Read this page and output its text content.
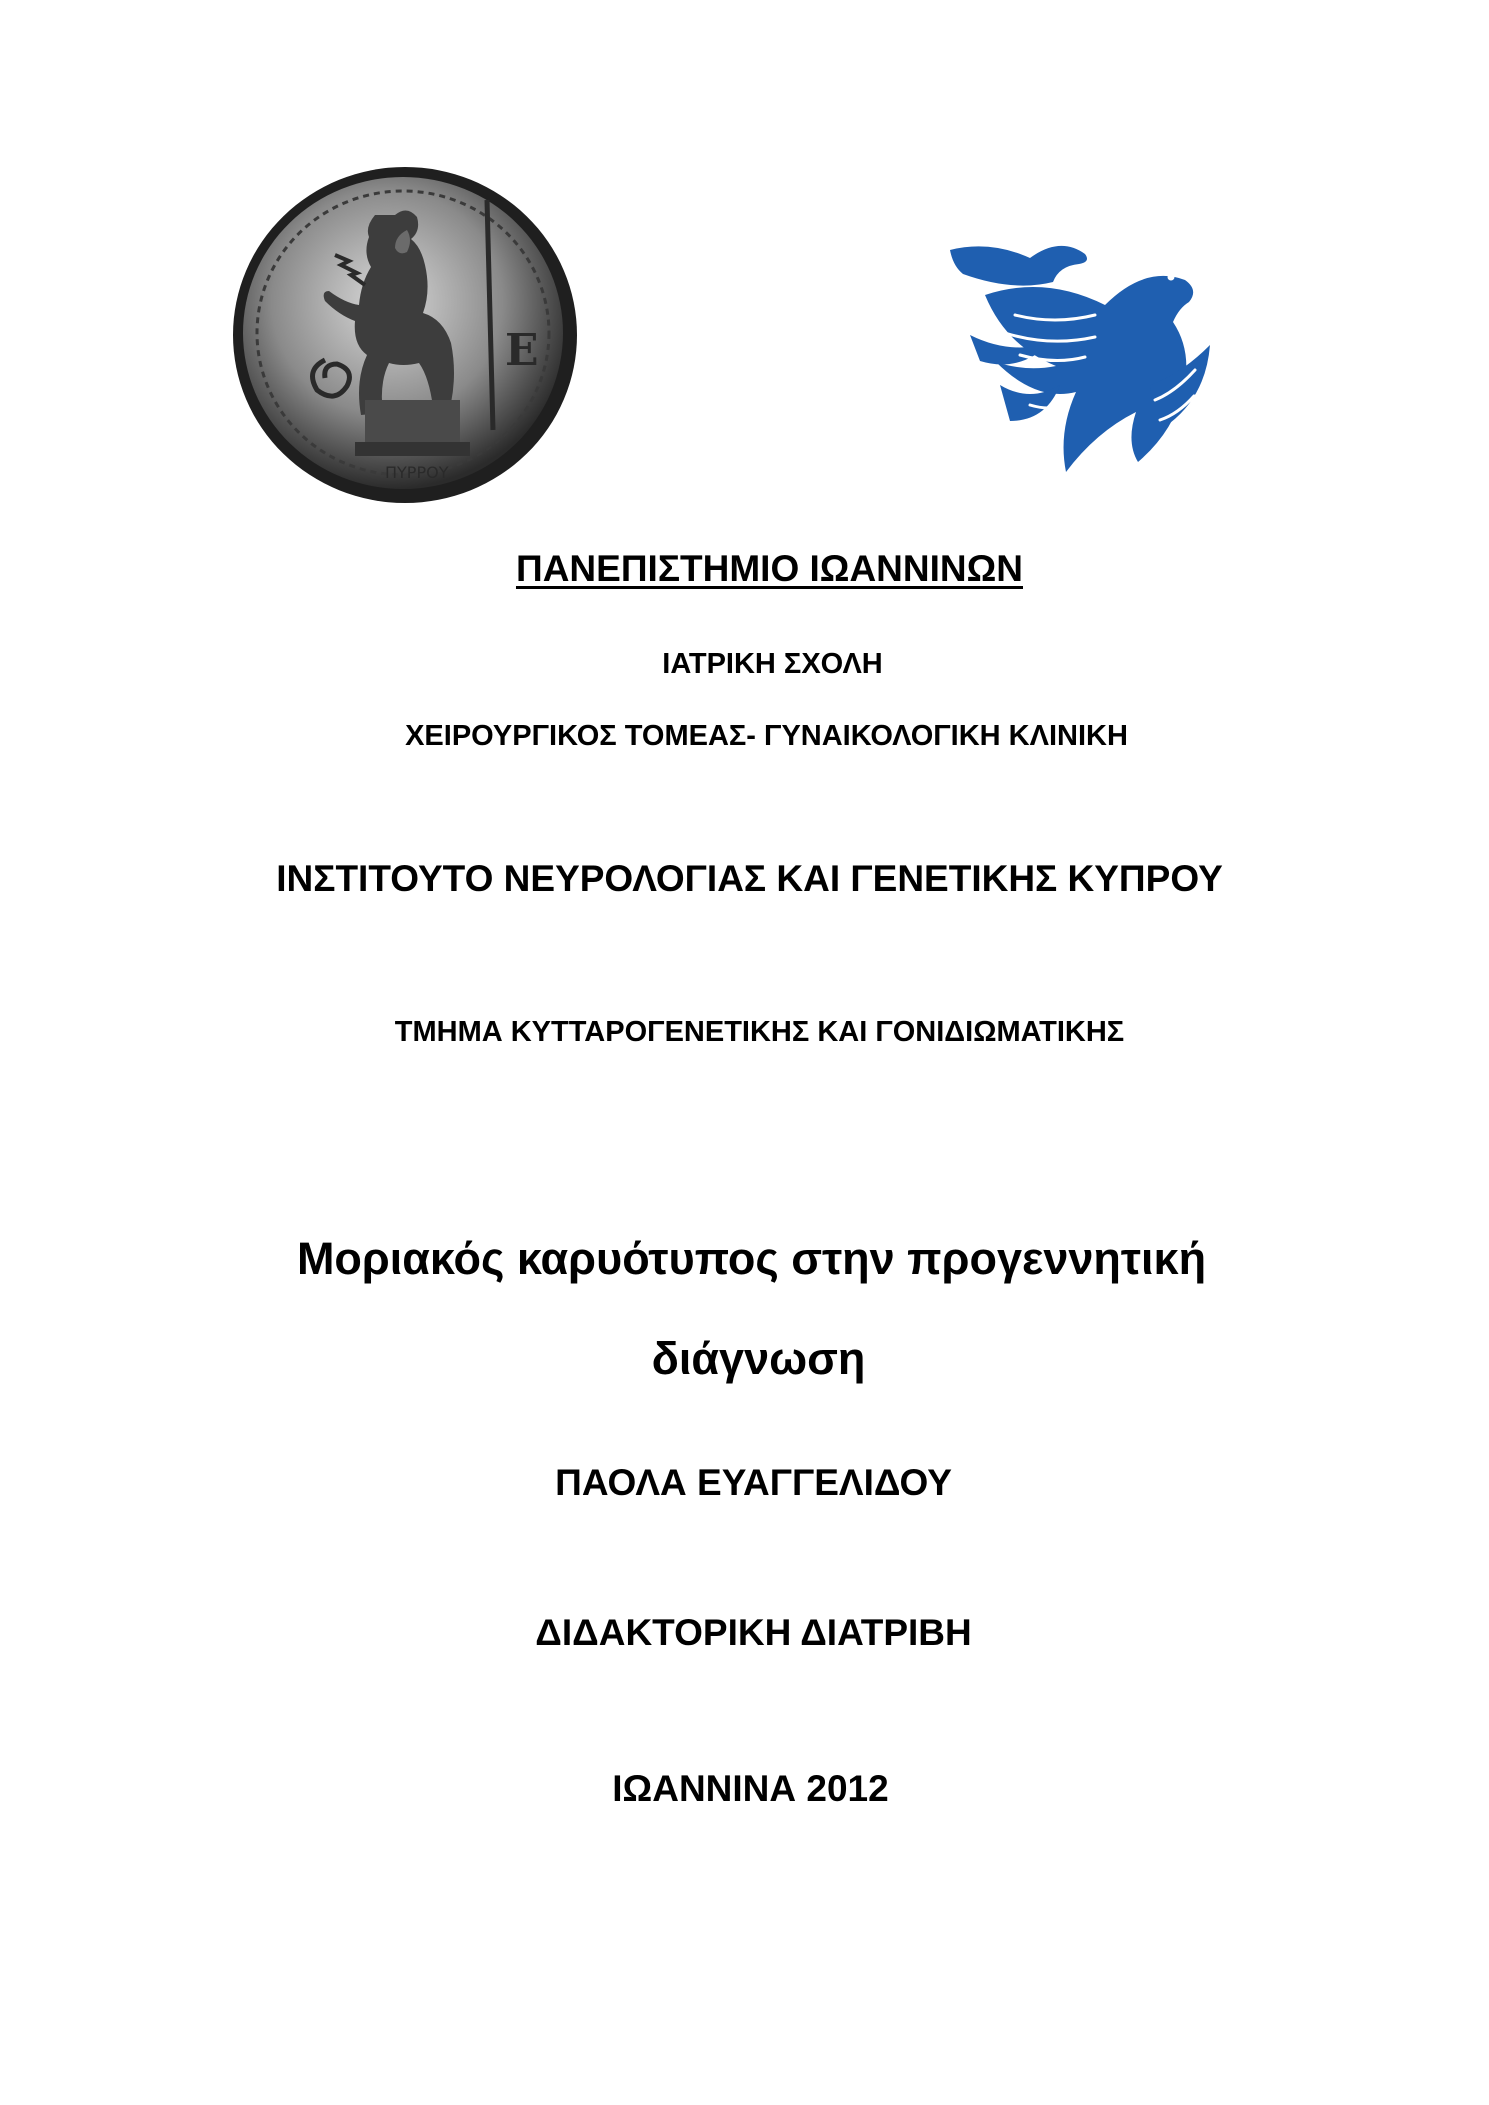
Ε
ΠΥΡΡΟΥ

ΠΑΝΕΠΙΣΤΗΜΙΟ ΙΩΑΝΝΙΝΩΝ

ΙΑΤΡΙΚΗ ΣΧΟΛΗ

ΧΕΙΡΟΥΡΓΙΚΟΣ ΤΟΜΕΑΣ- ΓΥΝΑΙΚΟΛΟΓΙΚΗ ΚΛΙΝΙΚΗ

ΙΝΣΤΙΤΟΥΤΟ ΝΕΥΡΟΛΟΓΙΑΣ ΚΑΙ ΓΕΝΕΤΙΚΗΣ ΚΥΠΡΟΥ

ΤΜΗΜΑ ΚΥΤΤΑΡΟΓΕΝΕΤΙΚΗΣ ΚΑΙ ΓΟΝΙΔΙΩΜΑΤΙΚΗΣ

Μοριακός καρυότυπος στην προγεννητική

διάγνωση

ΠΑΟΛΑ ΕΥΑΓΓΕΛΙΔΟΥ

ΔΙΔΑΚΤΟΡΙΚΗ ΔΙΑΤΡΙΒΗ

ΙΩΑΝΝΙΝΑ 2012
